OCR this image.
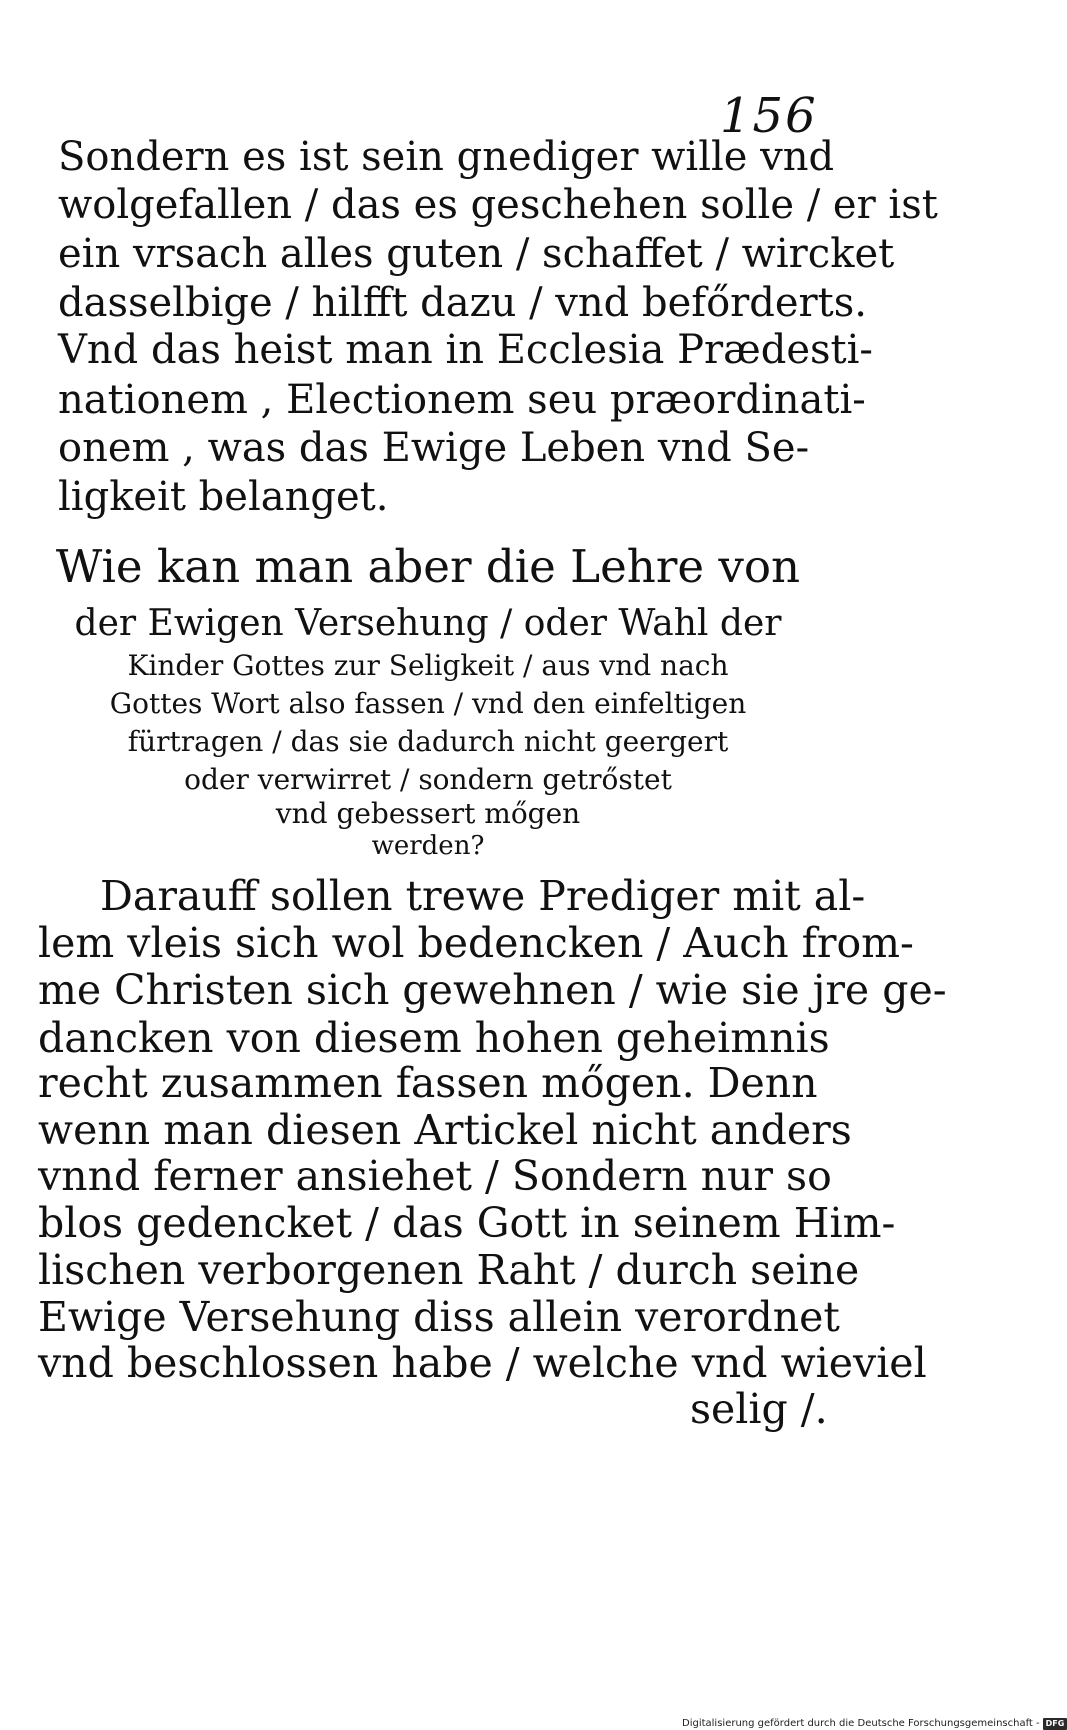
156
Sondern es ist sein gnediger wille vnd
wolgefallen / das es geschehen solle / er ist
ein vrsach alles guten / schaffet / wircket
dasselbige / hilfft dazu / vnd befőrderts.
Vnd das heist man in Ecclesia Prædesti-
nationem , Electionem seu præordinati-
onem , was das Ewige Leben vnd Se-
ligkeit belanget.
Wie kan man aber die Lehre von
der Ewigen Versehung / oder Wahl der
Kinder Gottes zur Seligkeit / aus vnd nach
Gottes Wort also fassen / vnd den einfeltigen
fürtragen / das sie dadurch nicht geergert
oder verwirret / sondern getrőstet
vnd gebessert mőgen
werden?
Darauff sollen trewe Prediger mit al-
lem vleis sich wol bedencken / Auch from-
me Christen sich gewehnen / wie sie jre ge-
dancken von diesem hohen geheimnis
recht zusammen fassen mőgen. Denn
wenn man diesen Artickel nicht anders
vnnd ferner ansiehet / Sondern nur so
blos gedencket / das Gott in seinem Him-
lischen verborgenen Raht / durch seine
Ewige Versehung diss allein verordnet
vnd beschlossen habe / welche vnd wieviel
selig /.
Digitalisierung gefördert durch die Deutsche Forschungsgemeinschaft - DFG
